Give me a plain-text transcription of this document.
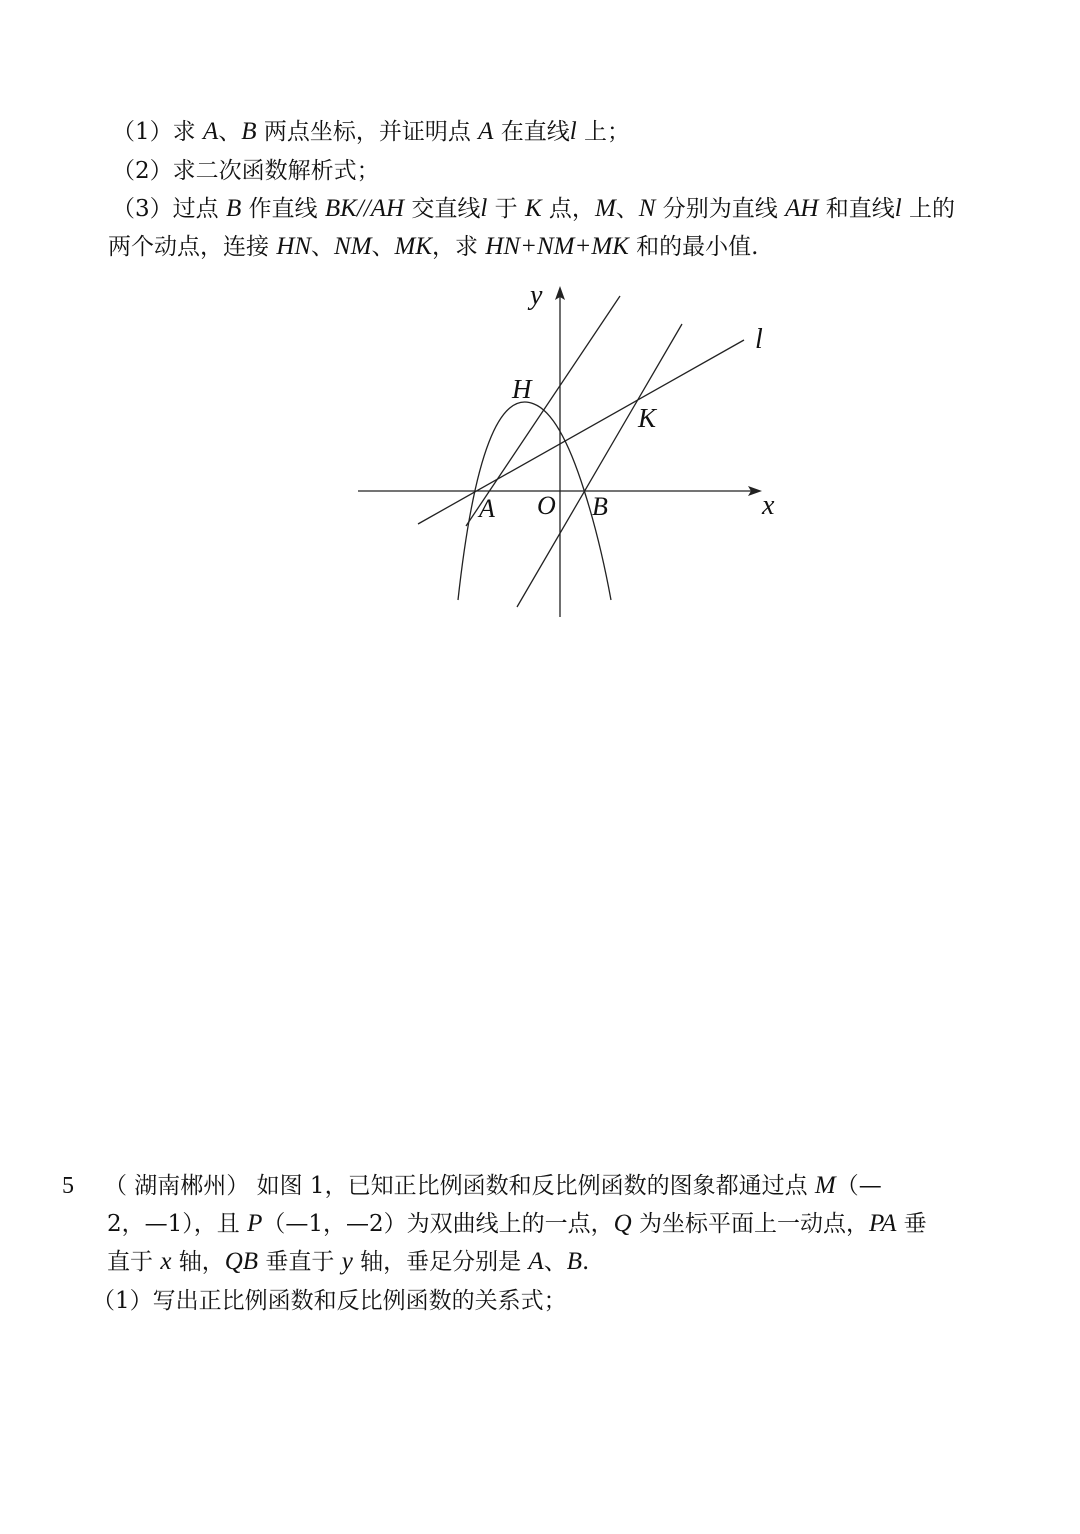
（1）求 A、B 两点坐标，并证明点 A 在直线l 上；
（2）求二次函数解析式；
（3）过点 B 作直线 BK//AH 交直线l 于 K 点，M、N 分别为直线 AH 和直线l 上的
两个动点，连接 HN、NM、MK，求 HN+NM+MK 和的最小值.
y
x
l
H
K
A O B
5 （ 湖南郴州） 如图 1，已知正比例函数和反比例函数的图象都通过点 M（—
2，—1），且 P（—1，—2）为双曲线上的一点，Q 为坐标平面上一动点，PA 垂
直于 x 轴，QB 垂直于 y 轴，垂足分别是 A、B.
（1）写出正比例函数和反比例函数的关系式；
